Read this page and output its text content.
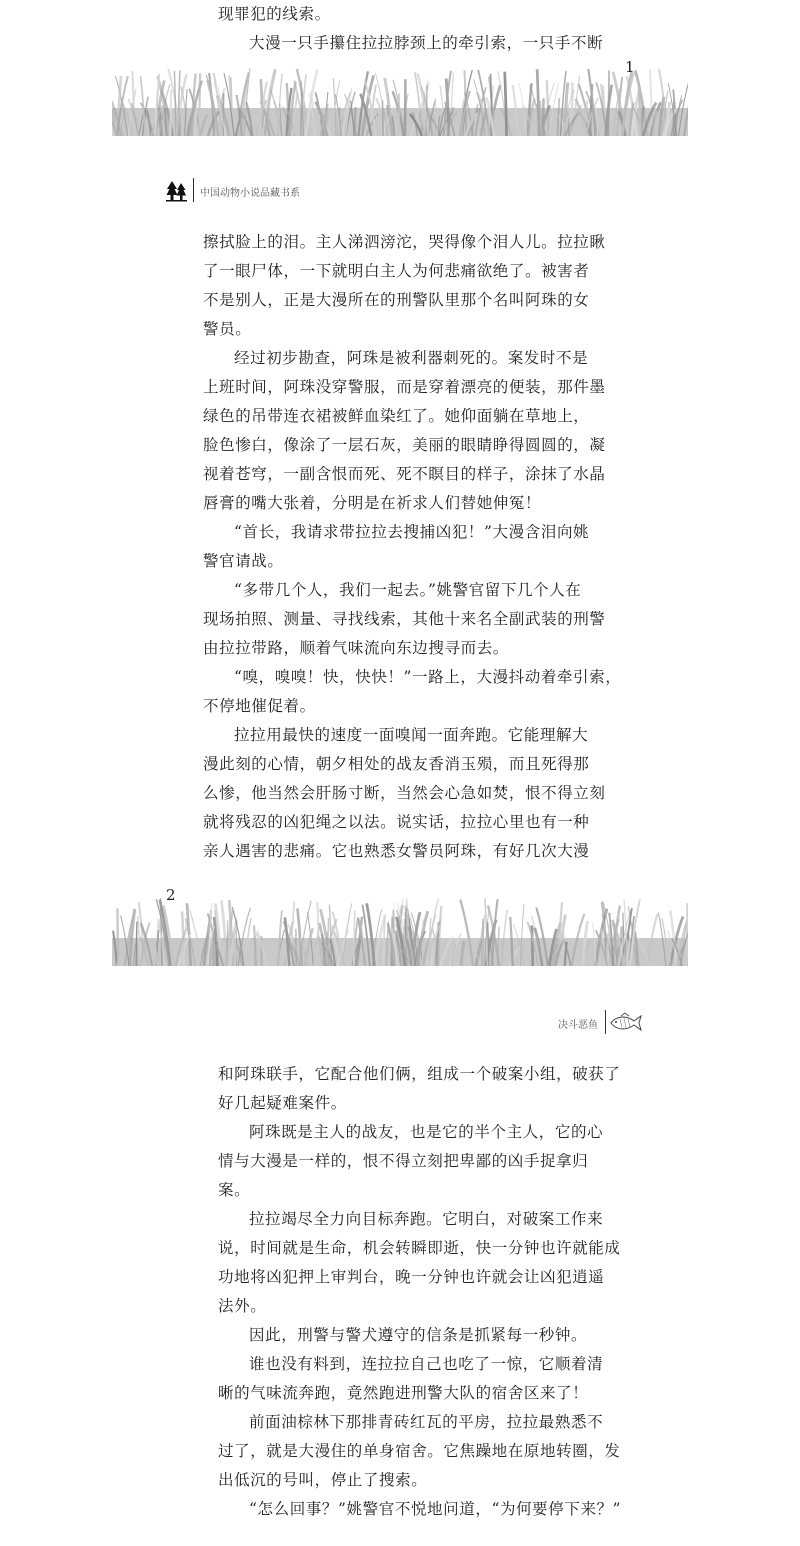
现罪犯的线索。

大漫一只手攥住拉拉脖颈上的牵引索，一只手不断

1
中国动物小说品藏书系

擦拭脸上的泪。主人涕泗滂沱，哭得像个泪人儿。拉拉瞅

了一眼尸体，一下就明白主人为何悲痛欲绝了。被害者

不是别人，正是大漫所在的刑警队里那个名叫阿珠的女

警员。

经过初步勘查，阿珠是被利器刺死的。案发时不是

上班时间，阿珠没穿警服，而是穿着漂亮的便装，那件墨

绿色的吊带连衣裙被鲜血染红了。她仰面躺在草地上，

脸色惨白，像涂了一层石灰，美丽的眼睛睁得圆圆的，凝

视着苍穹，一副含恨而死、死不瞑目的样子，涂抹了水晶

唇膏的嘴大张着，分明是在祈求人们替她伸冤！

“首长，我请求带拉拉去搜捕凶犯！”大漫含泪向姚

警官请战。

“多带几个人，我们一起去。”姚警官留下几个人在

现场拍照、测量、寻找线索，其他十来名全副武装的刑警

由拉拉带路，顺着气味流向东边搜寻而去。

“嗅，嗅嗅！快，快快！”一路上，大漫抖动着牵引索，

不停地催促着。

拉拉用最快的速度一面嗅闻一面奔跑。它能理解大

漫此刻的心情，朝夕相处的战友香消玉殒，而且死得那

么惨，他当然会肝肠寸断，当然会心急如焚，恨不得立刻

就将残忍的凶犯绳之以法。说实话，拉拉心里也有一种

亲人遇害的悲痛。它也熟悉女警员阿珠，有好几次大漫

2
决斗恶鱼

和阿珠联手，它配合他们俩，组成一个破案小组，破获了

好几起疑难案件。

阿珠既是主人的战友，也是它的半个主人，它的心

情与大漫是一样的，恨不得立刻把卑鄙的凶手捉拿归

案。

拉拉竭尽全力向目标奔跑。它明白，对破案工作来

说，时间就是生命，机会转瞬即逝，快一分钟也许就能成

功地将凶犯押上审判台，晚一分钟也许就会让凶犯逍遥

法外。

因此，刑警与警犬遵守的信条是抓紧每一秒钟。

谁也没有料到，连拉拉自己也吃了一惊，它顺着清

晰的气味流奔跑，竟然跑进刑警大队的宿舍区来了！

前面油棕林下那排青砖红瓦的平房，拉拉最熟悉不

过了，就是大漫住的单身宿舍。它焦躁地在原地转圈，发

出低沉的号叫，停止了搜索。

“怎么回事？”姚警官不悦地问道，“为何要停下来？”
